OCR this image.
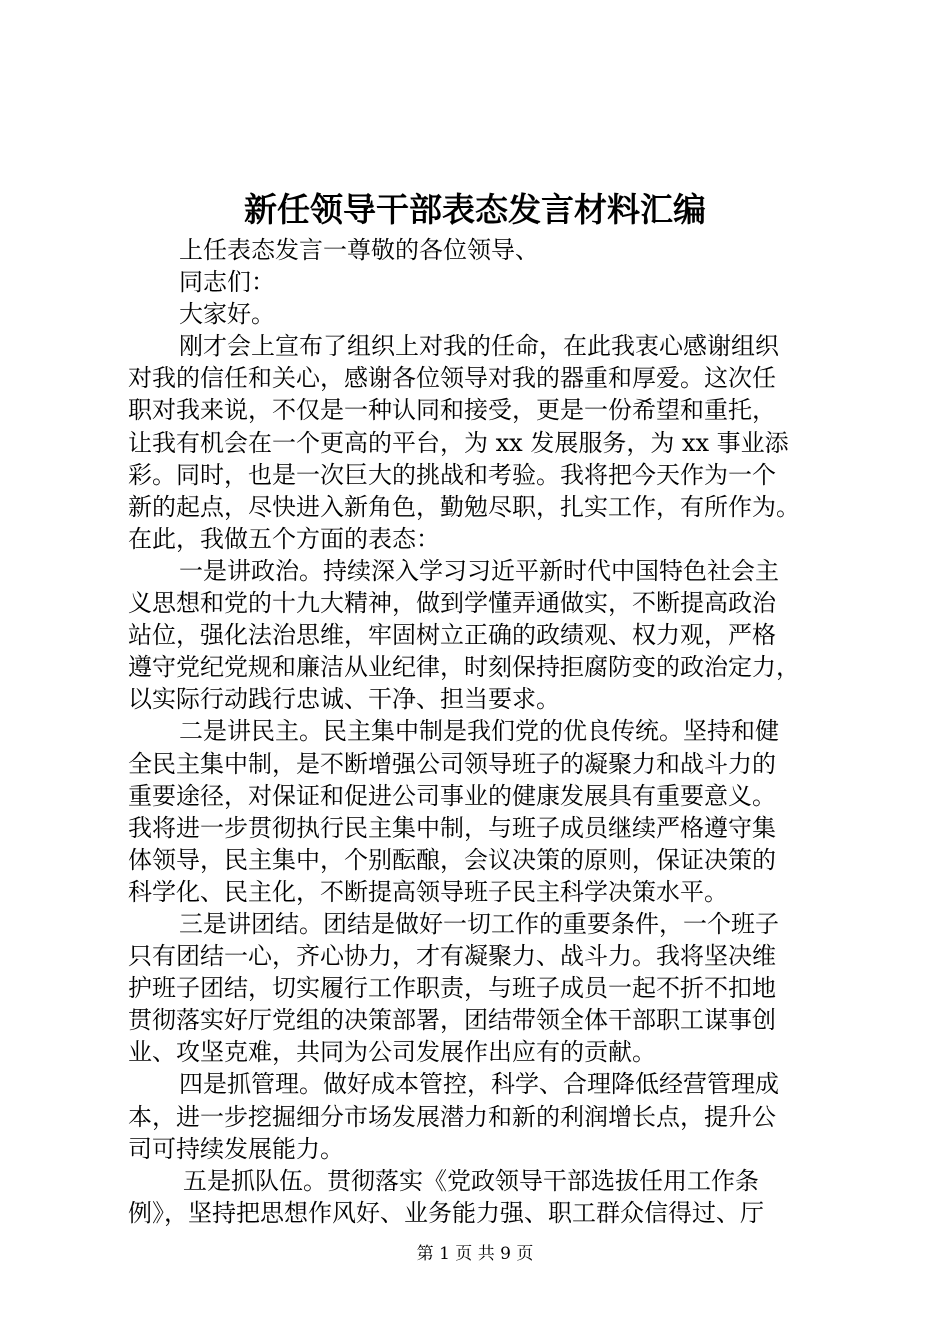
新任领导干部表态发言材料汇编
上任表态发言一尊敬的各位领导、
同志们：
大家好。
刚才会上宣布了组织上对我的任命，在此我衷心感谢组织
对我的信任和关心，感谢各位领导对我的器重和厚爱。这次任
职对我来说，不仅是一种认同和接受，更是一份希望和重托，
让我有机会在一个更高的平台，为 xx 发展服务，为 xx 事业添
彩。同时，也是一次巨大的挑战和考验。我将把今天作为一个
新的起点，尽快进入新角色，勤勉尽职，扎实工作，有所作为。
在此，我做五个方面的表态：
一是讲政治。持续深入学习习近平新时代中国特色社会主
义思想和党的十九大精神，做到学懂弄通做实，不断提高政治
站位，强化法治思维，牢固树立正确的政绩观、权力观，严格
遵守党纪党规和廉洁从业纪律，时刻保持拒腐防变的政治定力，
以实际行动践行忠诚、干净、担当要求。
二是讲民主。民主集中制是我们党的优良传统。坚持和健
全民主集中制，是不断增强公司领导班子的凝聚力和战斗力的
重要途径，对保证和促进公司事业的健康发展具有重要意义。
我将进一步贯彻执行民主集中制，与班子成员继续严格遵守集
体领导，民主集中，个别酝酿，会议决策的原则，保证决策的
科学化、民主化，不断提高领导班子民主科学决策水平。
三是讲团结。团结是做好一切工作的重要条件，一个班子
只有团结一心，齐心协力，才有凝聚力、战斗力。我将坚决维
护班子团结，切实履行工作职责，与班子成员一起不折不扣地
贯彻落实好厅党组的决策部署，团结带领全体干部职工谋事创
业、攻坚克难，共同为公司发展作出应有的贡献。
四是抓管理。做好成本管控，科学、合理降低经营管理成
本，进一步挖掘细分市场发展潜力和新的利润增长点，提升公
司可持续发展能力。
五是抓队伍。贯彻落实《党政领导干部选拔任用工作条
例》，坚持把思想作风好、业务能力强、职工群众信得过、厅
第 1 页 共 9 页
